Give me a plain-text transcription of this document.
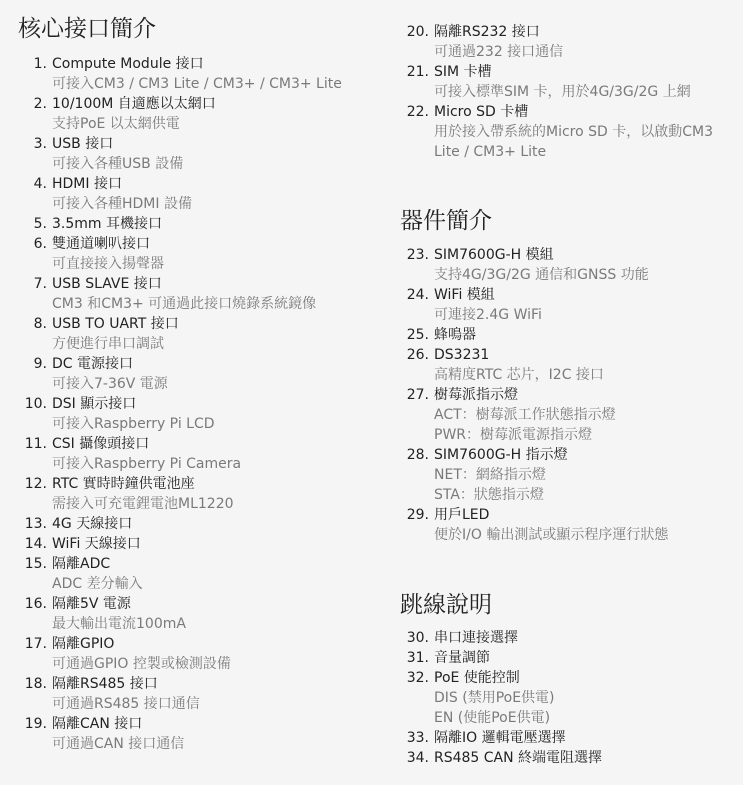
核心接口簡介
1. Compute Module 接口
可接入CM3 / CM3 Lite / CM3+ / CM3+ Lite
2. 10/100M 自適應以太網口
支持PoE 以太網供電
3. USB 接口
可接入各種USB 設備
4. HDMI 接口
可接入各種HDMI 設備
5. 3.5mm 耳機接口
6. 雙通道喇叭接口
可直接接入揚聲器
7. USB SLAVE 接口
CM3 和CM3+ 可通過此接口燒錄系統鏡像
8. USB TO UART 接口
方便進行串口調試
9. DC 電源接口
可接入7-36V 電源
10. DSI 顯示接口
可接入Raspberry Pi LCD
11. CSI 攝像頭接口
可接入Raspberry Pi Camera
12. RTC 實時時鐘供電池座
需接入可充電鋰電池ML1220
13. 4G 天線接口
14. WiFi 天線接口
15. 隔離ADC
ADC 差分輸入
16. 隔離5V 電源
最大輸出電流100mA
17. 隔離GPIO
可通過GPIO 控製或檢測設備
18. 隔離RS485 接口
可通過RS485 接口通信
19. 隔離CAN 接口
可通過CAN 接口通信
20. 隔離RS232 接口
可通過232 接口通信
21. SIM 卡槽
可接入標準SIM 卡，用於4G/3G/2G 上網
22. Micro SD 卡槽
用於接入帶系統的Micro SD 卡，以啟動CM3
Lite / CM3+ Lite
器件簡介
23. SIM7600G-H 模組
支持4G/3G/2G 通信和GNSS 功能
24. WiFi 模組
可連接2.4G WiFi
25. 蜂鳴器
26. DS3231
高精度RTC 芯片，I2C 接口
27. 樹莓派指示燈
ACT：樹莓派工作狀態指示燈
PWR：樹莓派電源指示燈
28. SIM7600G-H 指示燈
NET：網絡指示燈
STA：狀態指示燈
29. 用戶LED
便於I/O 輸出測試或顯示程序運行狀態
跳線說明
30. 串口連接選擇
31. 音量調節
32. PoE 使能控制
DIS (禁用PoE供電)
EN (使能PoE供電)
33. 隔離IO 邏輯電壓選擇
34. RS485 CAN 終端電阻選擇
